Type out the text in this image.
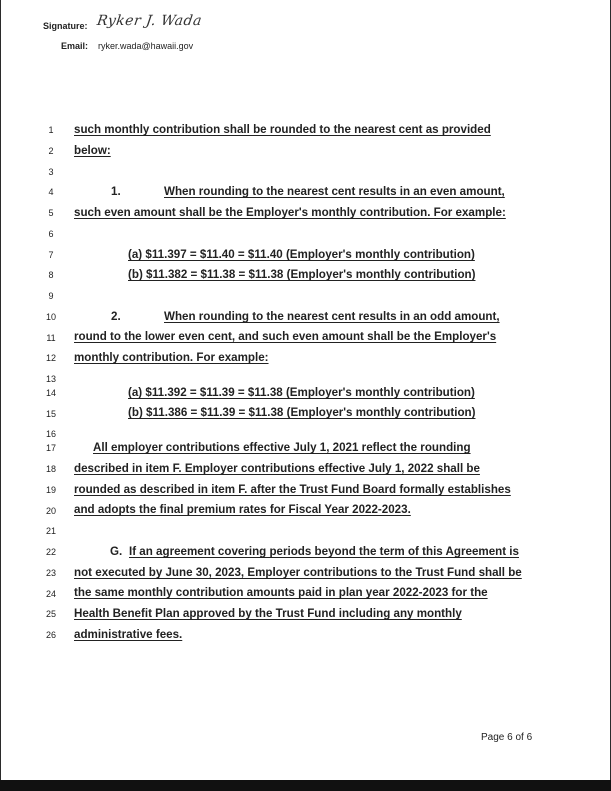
Signature: Ryker J. Wada
Email: ryker.wada@hawaii.gov
1
2
3
4
5
6
7
8
9
10
11
12
13
14
15
16
17
18
19
20
21
22
23
24
25
26
such monthly contribution shall be rounded to the nearest cent as provided
below:
1.	When rounding to the nearest cent results in an even amount,
such even amount shall be the Employer's monthly contribution. For example:
(a) $11.397 = $11.40 = $11.40 (Employer's monthly contribution)
(b) $11.382 = $11.38 = $11.38 (Employer's monthly contribution)
2.	When rounding to the nearest cent results in an odd amount,
round to the lower even cent, and such even amount shall be the Employer's
monthly contribution. For example:
(a) $11.392 = $11.39 = $11.38 (Employer's monthly contribution)
(b) $11.386 = $11.39 = $11.38 (Employer's monthly contribution)
All employer contributions effective July 1, 2021 reflect the rounding
described in item F. Employer contributions effective July 1, 2022 shall be
rounded as described in item F. after the Trust Fund Board formally establishes
and adopts the final premium rates for Fiscal Year 2022-2023.
G. If an agreement covering periods beyond the term of this Agreement is
not executed by June 30, 2023, Employer contributions to the Trust Fund shall be
the same monthly contribution amounts paid in plan year 2022-2023 for the
Health Benefit Plan approved by the Trust Fund including any monthly
administrative fees.
Page 6 of 6
